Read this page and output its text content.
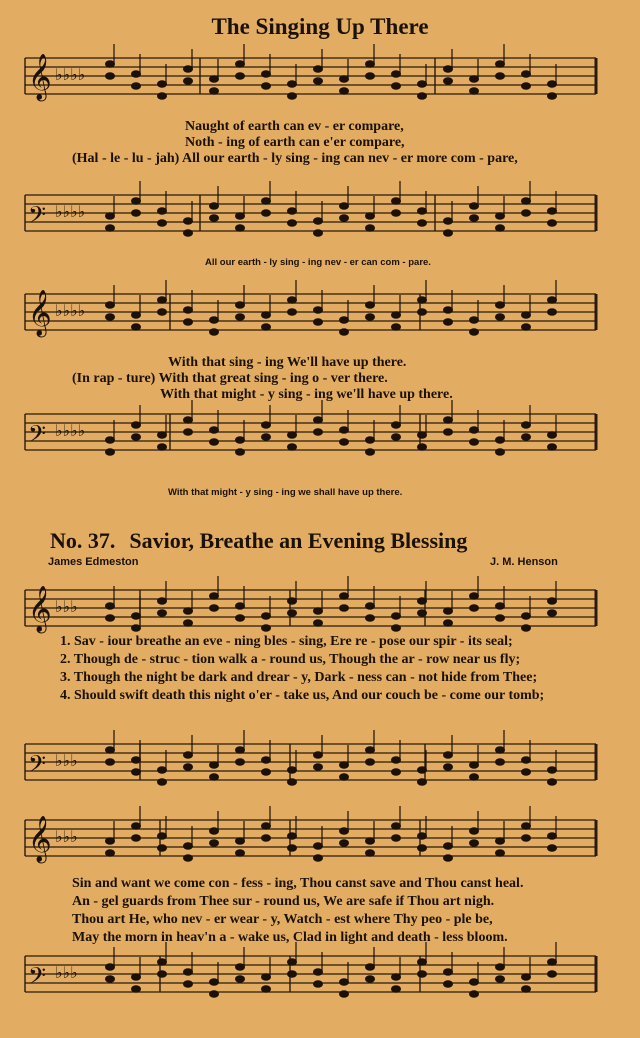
𝄞 ♭♭♭♭
𝄢 ♭♭♭♭
𝄞 ♭♭♭♭
𝄢 ♭♭♭♭
𝄞 ♭♭♭
𝄢 ♭♭♭
𝄞 ♭♭♭
𝄢 ♭♭♭
The Singing Up There
Naught of earth can ev - er compare,
Noth - ing of earth can e'er compare,
(Hal - le - lu - jah) All our earth - ly sing - ing can nev - er more com - pare,
All our earth - ly sing - ing nev - er can com - pare.
With that sing - ing We'll have up there.
(In rap - ture) With that great sing - ing o - ver there.
With that might - y sing - ing we'll have up there.
With that might - y sing - ing we shall have up there.
No. 37. Savior, Breathe an Evening Blessing
James Edmeston	J. M. Henson
1. Sav - iour breathe an eve - ning bles - sing, Ere re - pose our spir - its seal;
2. Though de - struc - tion walk a - round us, Though the ar - row near us fly;
3. Though the night be dark and drear - y, Dark - ness can - not hide from Thee;
4. Should swift death this night o'er - take us, And our couch be - come our tomb;
Sin and want we come con - fess - ing, Thou canst save and Thou canst heal.
An - gel guards from Thee sur - round us, We are safe if Thou art nigh.
Thou art He, who nev - er wear - y, Watch - est where Thy peo - ple be,
May the morn in heav'n a - wake us, Clad in light and death - less bloom.
